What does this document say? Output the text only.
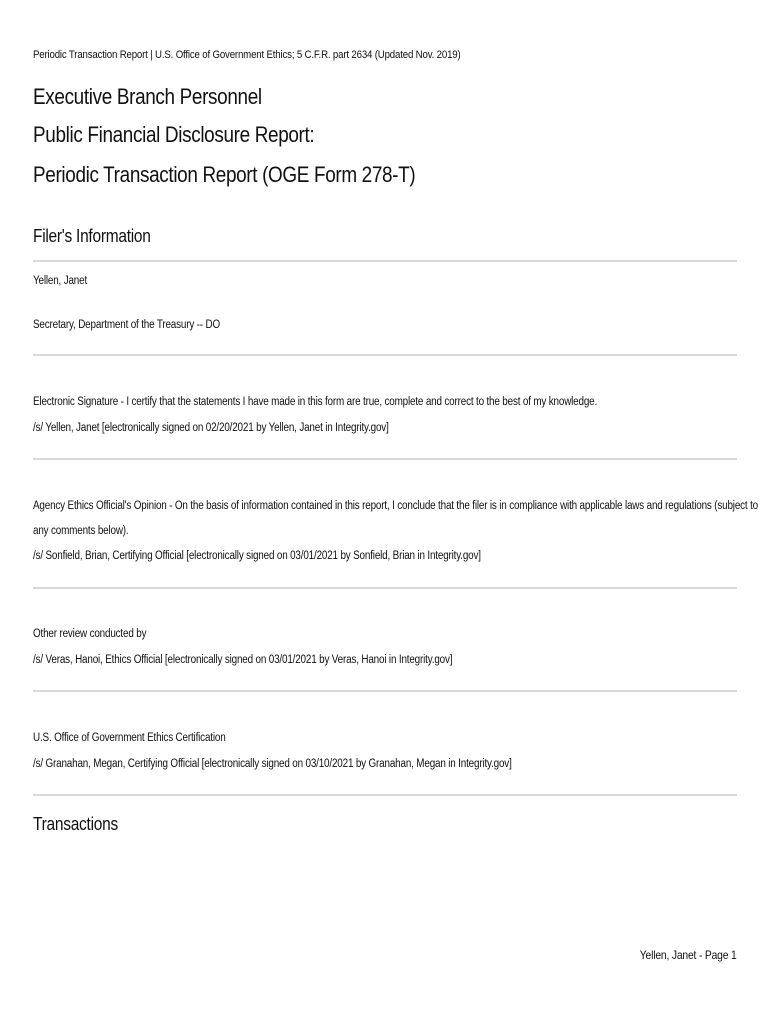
Periodic Transaction Report | U.S. Office of Government Ethics; 5 C.F.R. part 2634 (Updated Nov. 2019)
Executive Branch Personnel
Public Financial Disclosure Report:
Periodic Transaction Report (OGE Form 278-T)
Filer's Information
Yellen, Janet
Secretary, Department of the Treasury -- DO
Electronic Signature - I certify that the statements I have made in this form are true, complete and correct to the best of my knowledge.
/s/ Yellen, Janet [electronically signed on 02/20/2021 by Yellen, Janet in Integrity.gov]
Agency Ethics Official's Opinion - On the basis of information contained in this report, I conclude that the filer is in compliance with applicable laws and regulations (subject to
any comments below).
/s/ Sonfield, Brian, Certifying Official [electronically signed on 03/01/2021 by Sonfield, Brian in Integrity.gov]
Other review conducted by
/s/ Veras, Hanoi, Ethics Official [electronically signed on 03/01/2021 by Veras, Hanoi in Integrity.gov]
U.S. Office of Government Ethics Certification
/s/ Granahan, Megan, Certifying Official [electronically signed on 03/10/2021 by Granahan, Megan in Integrity.gov]
Transactions
Yellen, Janet - Page 1
